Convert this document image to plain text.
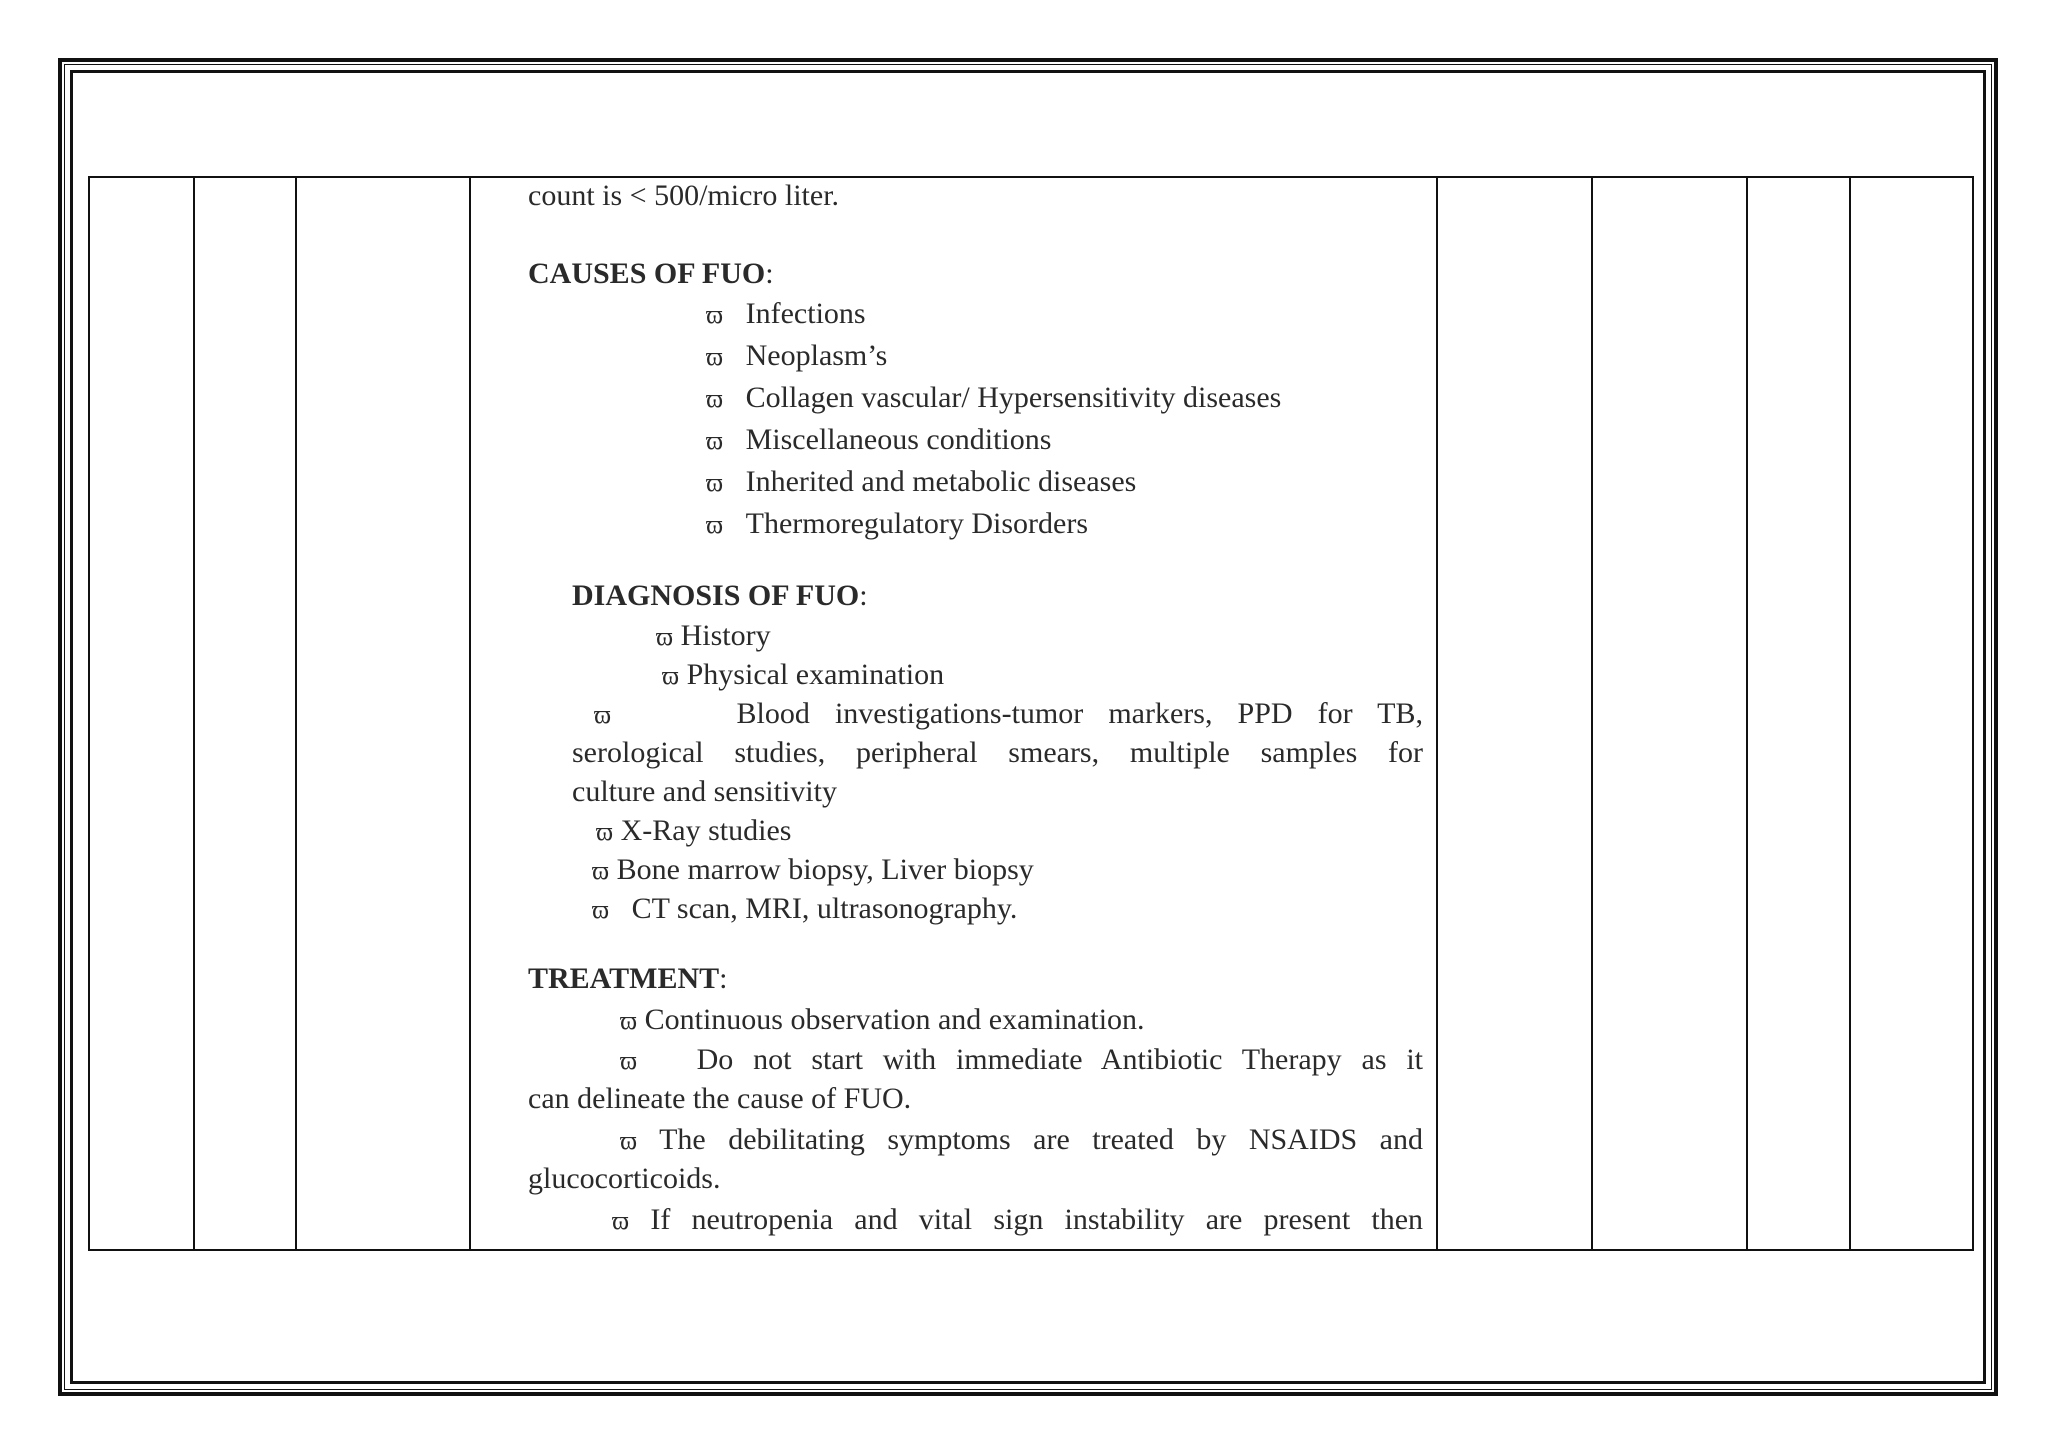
count is < 500/micro liter.
CAUSES OF FUO:
ϖ Infections
ϖ Neoplasm’s
ϖ Collagen vascular/ Hypersensitivity diseases
ϖ Miscellaneous conditions
ϖ Inherited and metabolic diseases
ϖ Thermoregulatory Disorders
DIAGNOSIS OF FUO:
ϖ History
ϖ Physical examination
ϖ	Blood investigations-tumor markers, PPD for TB,
serological studies, peripheral smears, multiple samples for
culture and sensitivity
ϖ X-Ray studies
ϖ Bone marrow biopsy, Liver biopsy
ϖ CT scan, MRI, ultrasonography.
TREATMENT:
ϖ Continuous observation and examination.
ϖ Do not start with immediate Antibiotic Therapy as it
can delineate the cause of FUO.
ϖ The debilitating symptoms are treated by NSAIDS and
glucocorticoids.
ϖ If neutropenia and vital sign instability are present then
